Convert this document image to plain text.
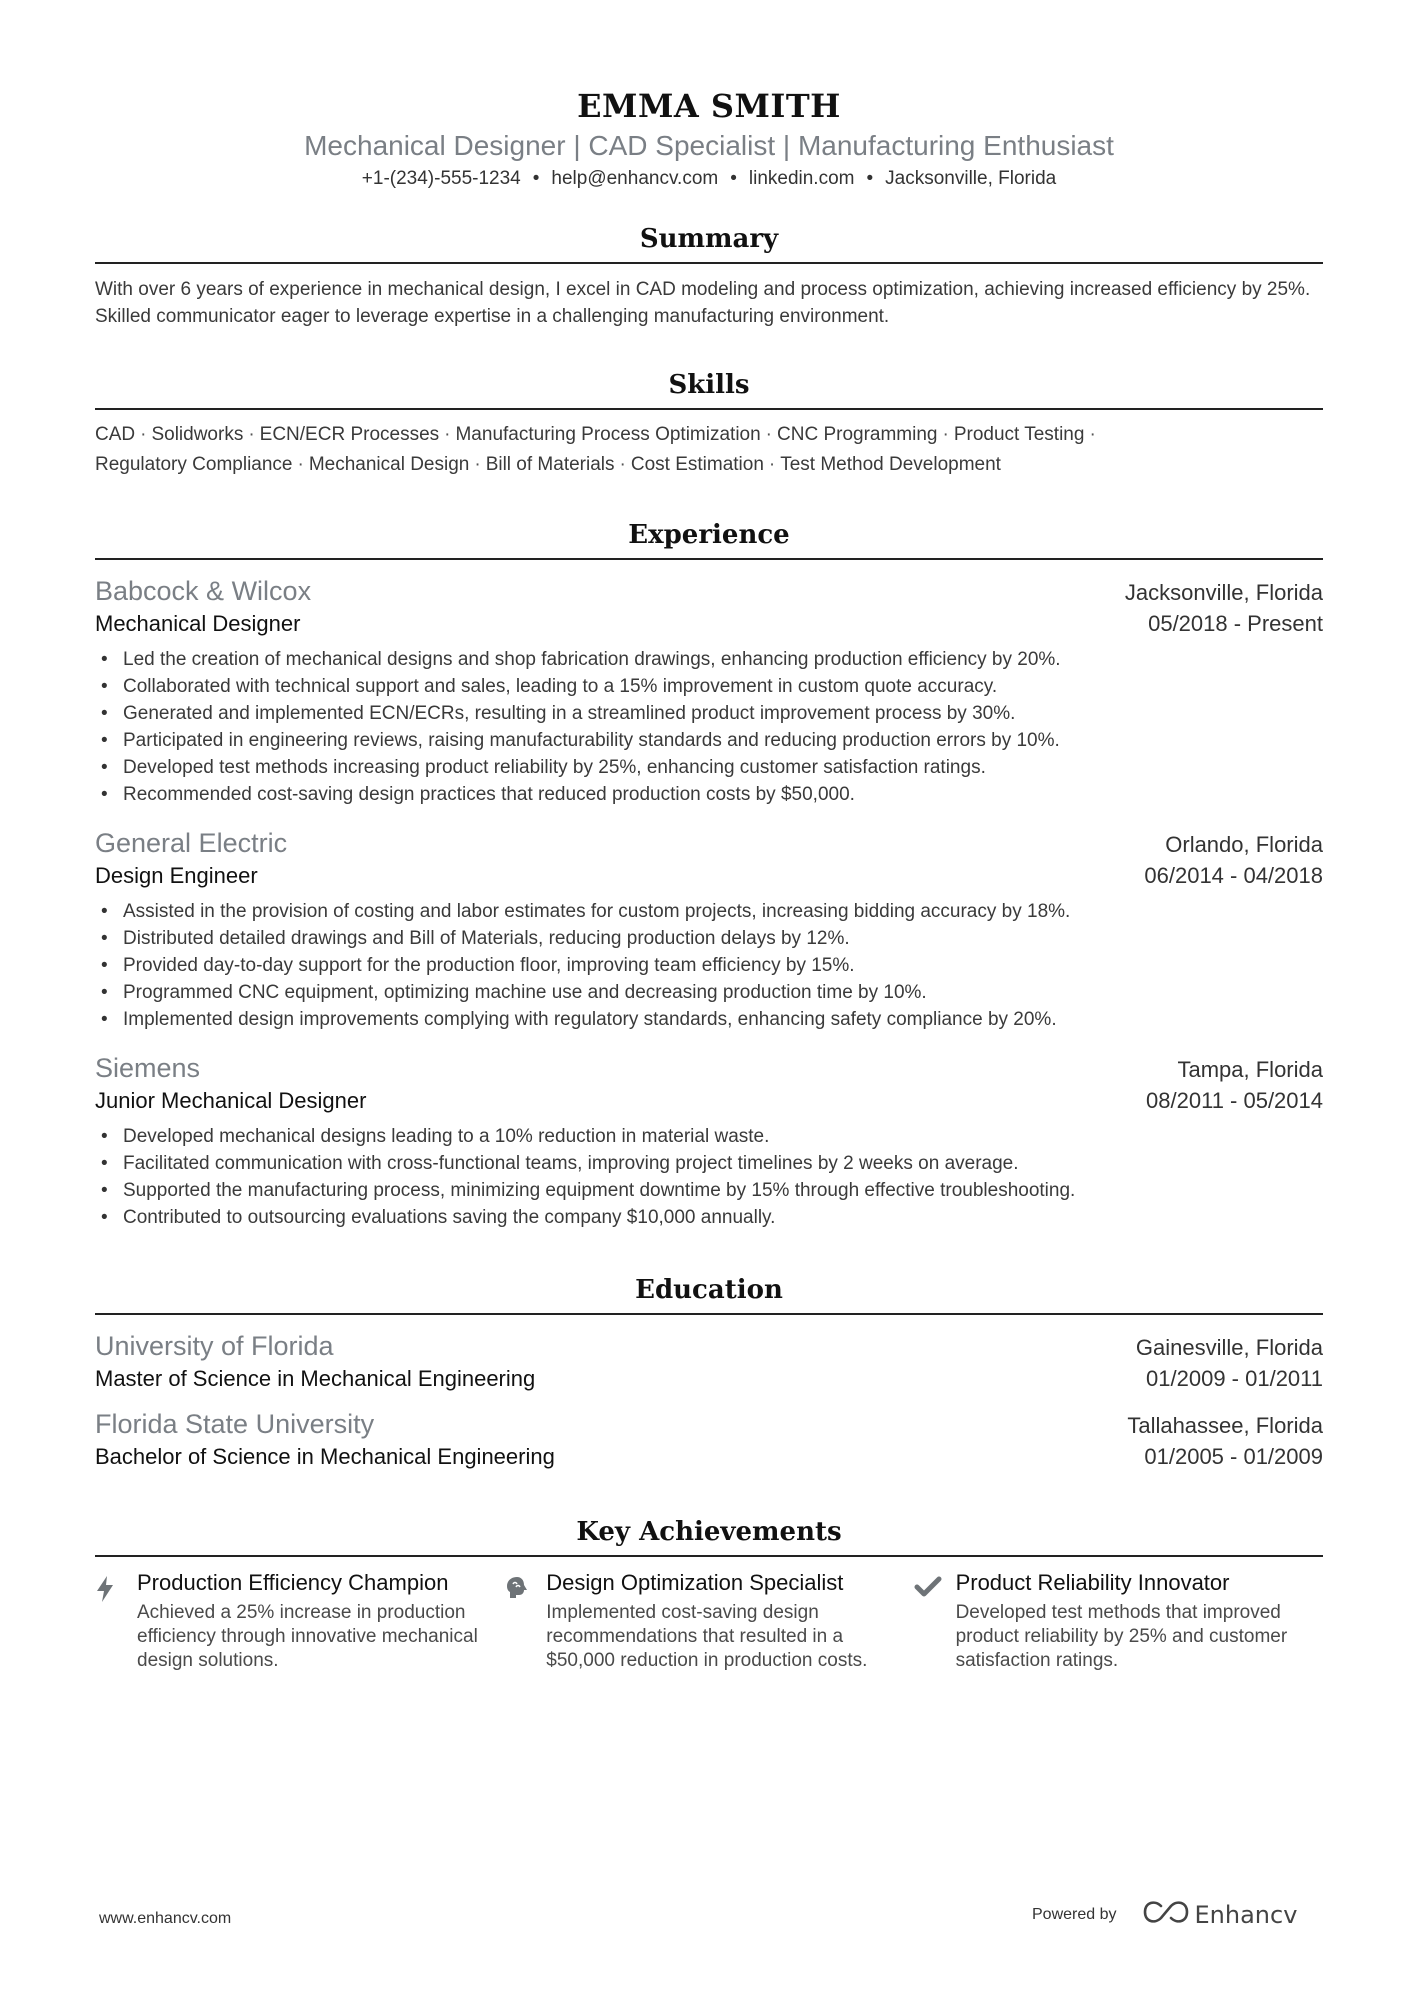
EMMA SMITH
Mechanical Designer | CAD Specialist | Manufacturing Enthusiast
+1-(234)-555-1234 • help@enhancv.com • linkedin.com • Jacksonville, Florida
Summary
With over 6 years of experience in mechanical design, I excel in CAD modeling and process optimization, achieving increased efficiency by 25%. Skilled communicator eager to leverage expertise in a challenging manufacturing environment.
Skills
CAD · Solidworks · ECN/ECR Processes · Manufacturing Process Optimization · CNC Programming · Product Testing ·
Regulatory Compliance · Mechanical Design · Bill of Materials · Cost Estimation · Test Method Development
Experience
Babcock & Wilcox	Jacksonville, Florida
Mechanical Designer	05/2018 - Present
• Led the creation of mechanical designs and shop fabrication drawings, enhancing production efficiency by 20%.
• Collaborated with technical support and sales, leading to a 15% improvement in custom quote accuracy.
• Generated and implemented ECN/ECRs, resulting in a streamlined product improvement process by 30%.
• Participated in engineering reviews, raising manufacturability standards and reducing production errors by 10%.
• Developed test methods increasing product reliability by 25%, enhancing customer satisfaction ratings.
• Recommended cost-saving design practices that reduced production costs by $50,000.
General Electric	Orlando, Florida
Design Engineer	06/2014 - 04/2018
• Assisted in the provision of costing and labor estimates for custom projects, increasing bidding accuracy by 18%.
• Distributed detailed drawings and Bill of Materials, reducing production delays by 12%.
• Provided day-to-day support for the production floor, improving team efficiency by 15%.
• Programmed CNC equipment, optimizing machine use and decreasing production time by 10%.
• Implemented design improvements complying with regulatory standards, enhancing safety compliance by 20%.
Siemens	Tampa, Florida
Junior Mechanical Designer	08/2011 - 05/2014
• Developed mechanical designs leading to a 10% reduction in material waste.
• Facilitated communication with cross-functional teams, improving project timelines by 2 weeks on average.
• Supported the manufacturing process, minimizing equipment downtime by 15% through effective troubleshooting.
• Contributed to outsourcing evaluations saving the company $10,000 annually.
Education
University of Florida	Gainesville, Florida
Master of Science in Mechanical Engineering	01/2009 - 01/2011
Florida State University	Tallahassee, Florida
Bachelor of Science in Mechanical Engineering	01/2005 - 01/2009
Key Achievements
Production Efficiency Champion
Achieved a 25% increase in production efficiency through innovative mechanical design solutions.
Design Optimization Specialist
Implemented cost-saving design recommendations that resulted in a $50,000 reduction in production costs.
Product Reliability Innovator
Developed test methods that improved product reliability by 25% and customer satisfaction ratings.
www.enhancv.com	Powered by	Enhancv
